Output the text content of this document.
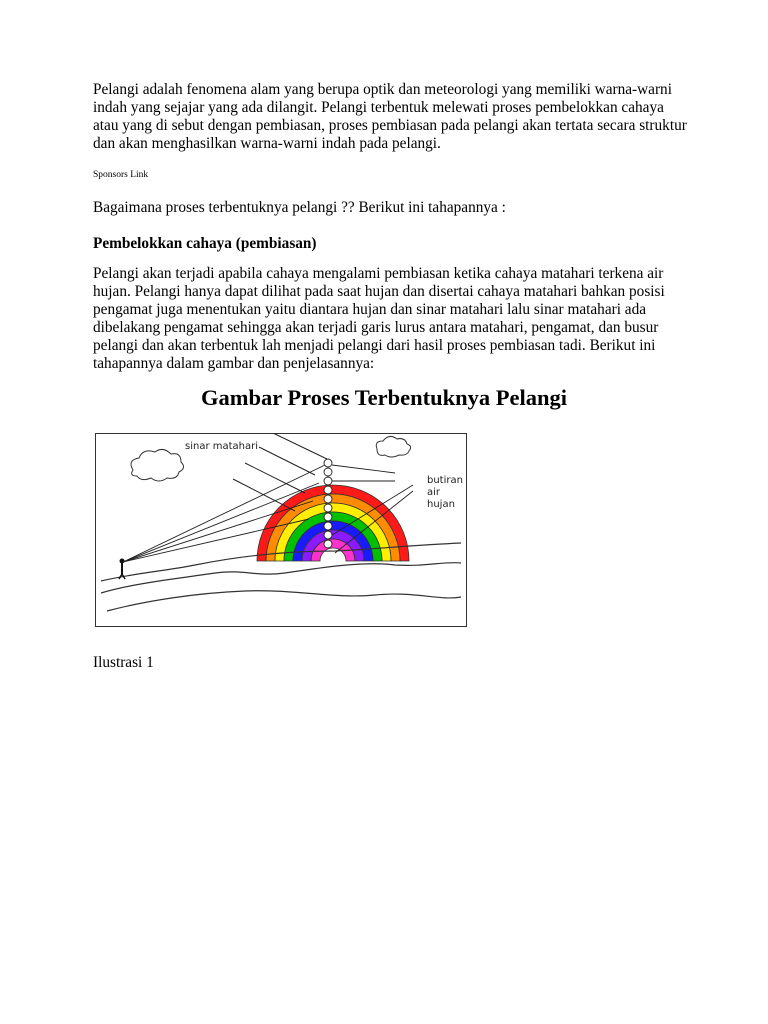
Pelangi adalah fenomena alam yang berupa optik dan meteorologi yang memiliki warna-warni indah yang sejajar yang ada dilangit. Pelangi terbentuk melewati proses pembelokkan cahaya atau yang di sebut dengan pembiasan, proses pembiasan pada pelangi akan tertata secara struktur dan akan menghasilkan warna-warni indah pada pelangi.

Sponsors Link

Bagaimana proses terbentuknya pelangi ?? Berikut ini tahapannya :

Pembelokkan cahaya (pembiasan)

Pelangi akan terjadi apabila cahaya mengalami pembiasan ketika cahaya matahari terkena air hujan. Pelangi hanya dapat dilihat pada saat hujan dan disertai cahaya matahari bahkan posisi pengamat juga menentukan yaitu diantara hujan dan sinar matahari lalu sinar matahari ada dibelakang pengamat sehingga akan terjadi garis lurus antara matahari, pengamat, dan busur pelangi dan akan terbentuk lah menjadi pelangi dari hasil proses pembiasan tadi. Berikut ini tahapannya dalam gambar dan penjelasannya:

Gambar Proses Terbentuknya Pelangi
sinar matahari
butiran
air
hujan

Ilustrasi 1
